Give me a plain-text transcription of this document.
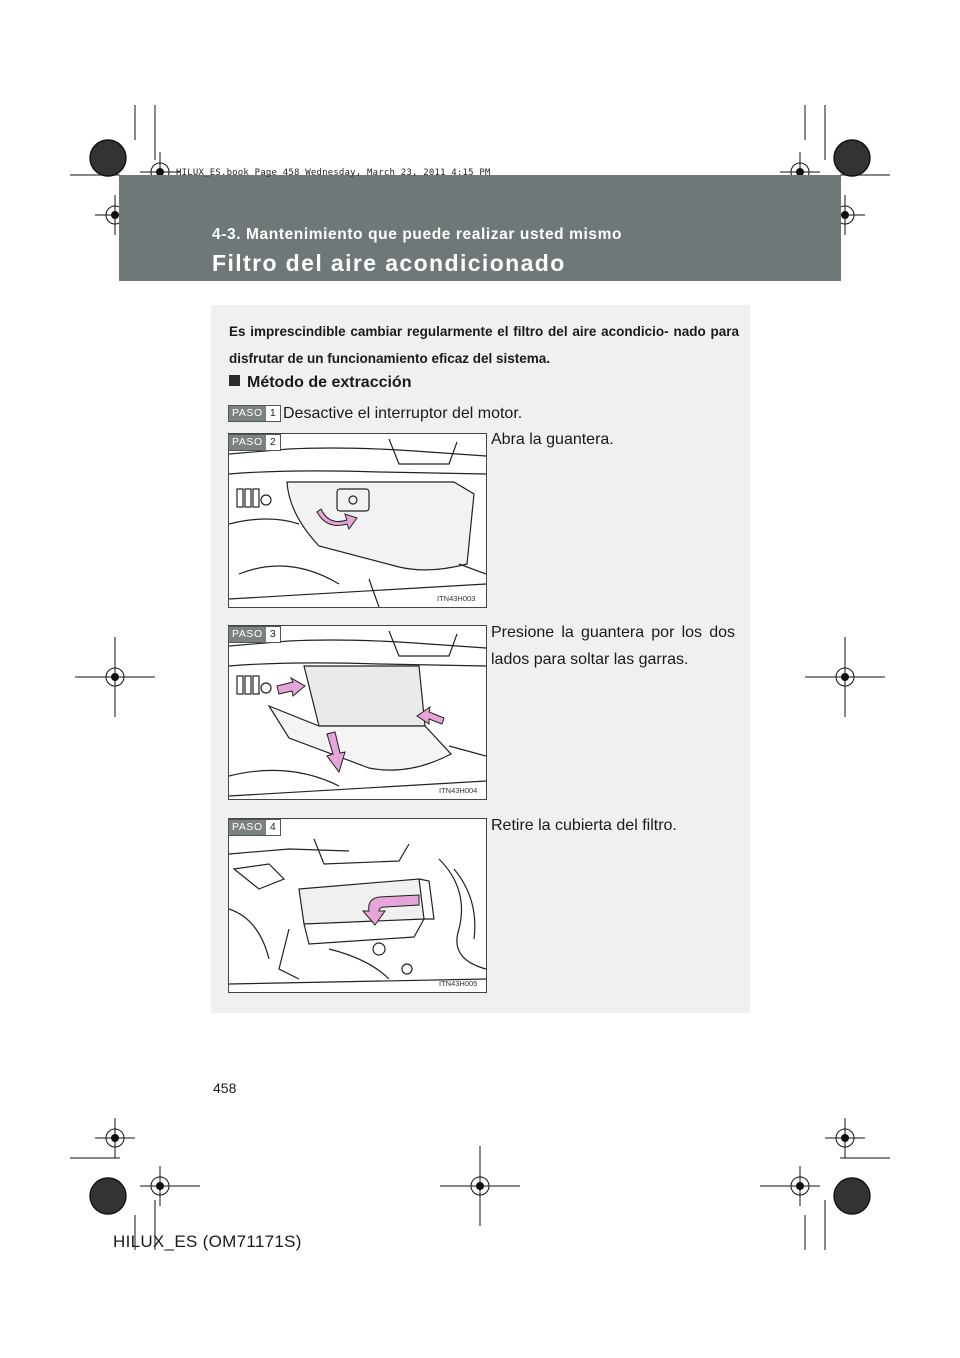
HILUX_ES.book Page 458 Wednesday, March 23, 2011 4:15 PM
4-3. Mantenimiento que puede realizar usted mismo
Filtro del aire acondicionado
Es imprescindible cambiar regularmente el filtro del aire acondicio- nado para disfrutar de un funcionamiento eficaz del sistema.
Método de extracción
PASO 1 Desactive el interruptor del motor.
ITN43H003
PASO 2	Abra la guantera.
ITN43H004
PASO 3	Presione la guantera por los dos lados para soltar las garras.
ITN43H005
PASO 4	Retire la cubierta del filtro.
458
HILUX_ES (OM71171S)
